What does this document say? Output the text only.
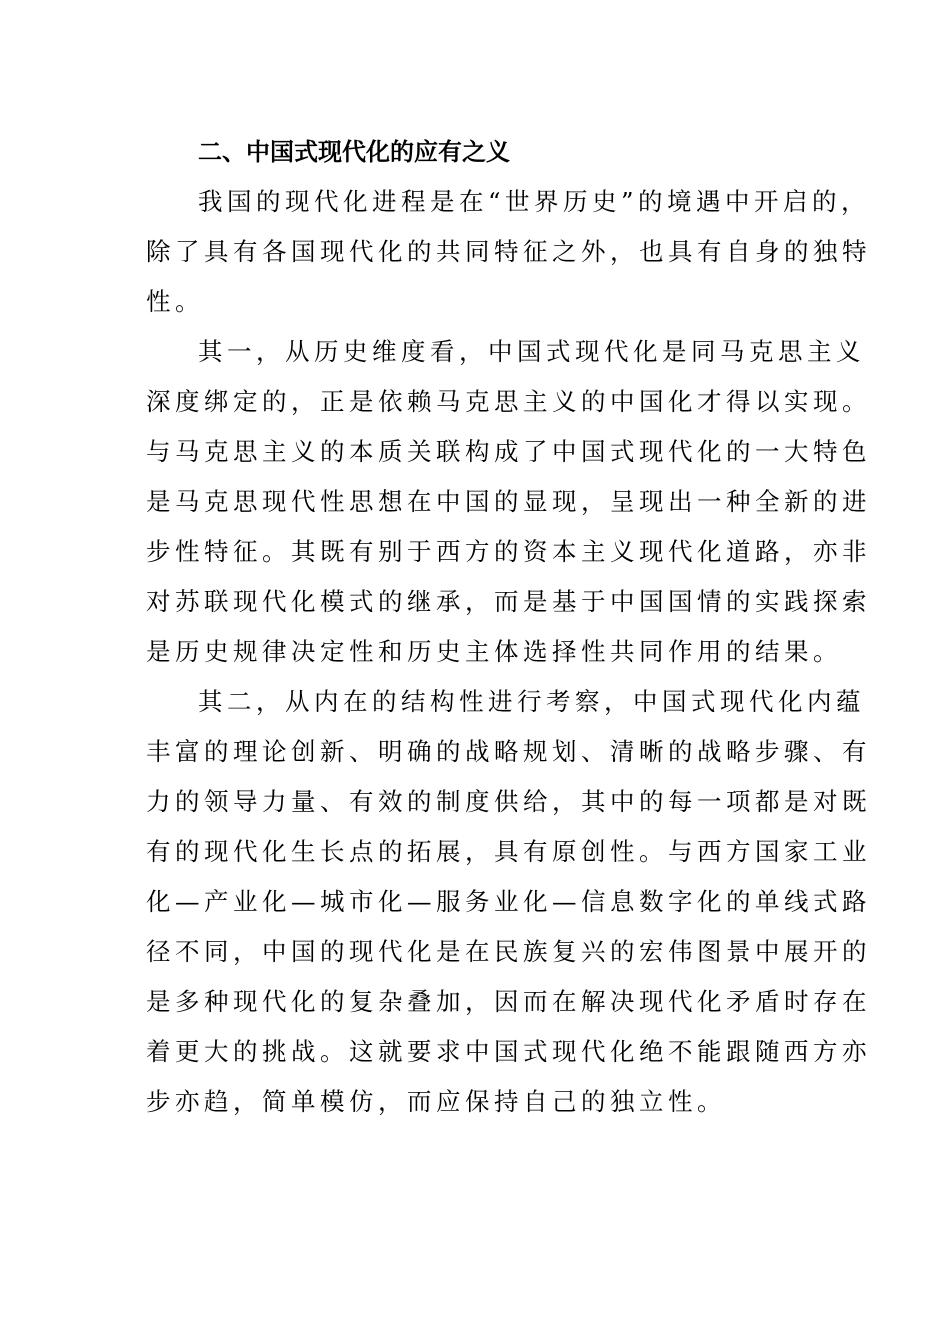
二、中国式现代化的应有之义
我国的现代化进程是在“世界历史”的境遇中开启的，
除了具有各国现代化的共同特征之外，也具有自身的独特
性。
其一，从历史维度看，中国式现代化是同马克思主义
深度绑定的，正是依赖马克思主义的中国化才得以实现。
与马克思主义的本质关联构成了中国式现代化的一大特色
是马克思现代性思想在中国的显现，呈现出一种全新的进
步性特征。其既有别于西方的资本主义现代化道路，亦非
对苏联现代化模式的继承，而是基于中国国情的实践探索
是历史规律决定性和历史主体选择性共同作用的结果。
其二，从内在的结构性进行考察，中国式现代化内蕴
丰富的理论创新、明确的战略规划、清晰的战略步骤、有
力的领导力量、有效的制度供给，其中的每一项都是对既
有的现代化生长点的拓展，具有原创性。与西方国家工业
化—产业化—城市化—服务业化—信息数字化的单线式路
径不同，中国的现代化是在民族复兴的宏伟图景中展开的
是多种现代化的复杂叠加，因而在解决现代化矛盾时存在
着更大的挑战。这就要求中国式现代化绝不能跟随西方亦
步亦趋，简单模仿，而应保持自己的独立性。
